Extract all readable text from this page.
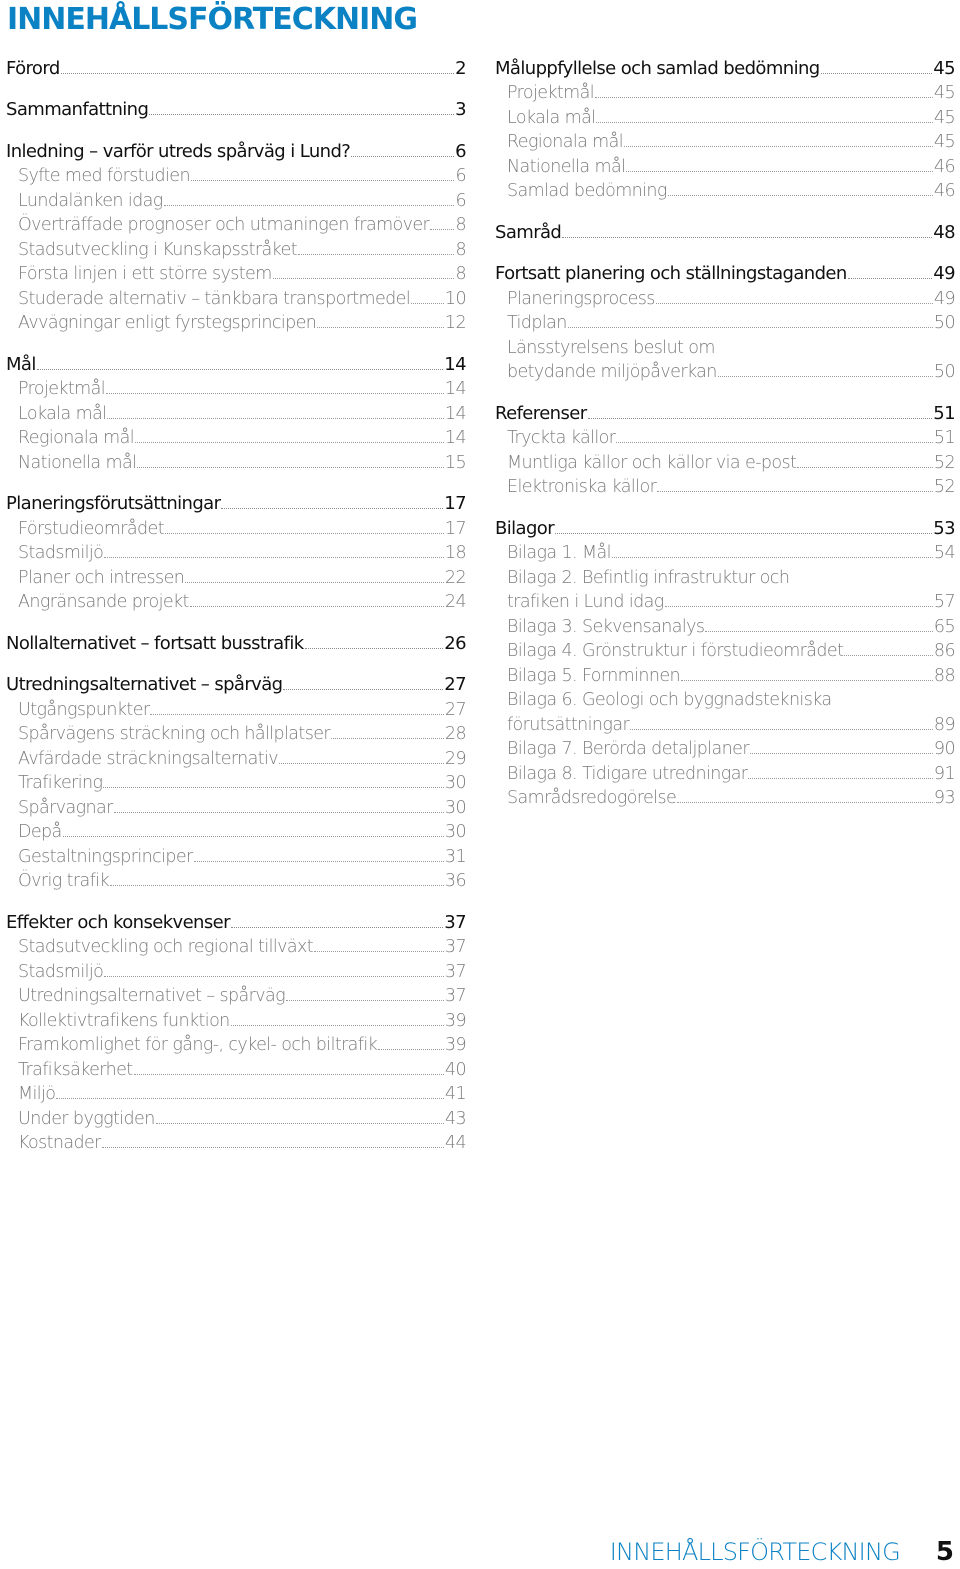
INNEHÅLLSFÖRTECKNING
Förord	2
Sammanfattning	3
Inledning – varför utreds spårväg i Lund?	6
Syfte med förstudien	6
Lundalänken idag	6
Överträffade prognoser och utmaningen framöver 8
Stadsutveckling i Kunskapsstråket	8
Första linjen i ett större system	8
Studerade alternativ – tänkbara transportmedel 10
Avvägningar enligt fyrstegsprincipen	12
Mål	14
Projektmål	14
Lokala mål	14
Regionala mål	14
Nationella mål	15
Planeringsförutsättningar	17
Förstudieområdet	17
Stadsmiljö	18
Planer och intressen	22
Angränsande projekt	24
Nollalternativet – fortsatt busstrafik	26
Utredningsalternativet – spårväg	27
Utgångspunkter	27
Spårvägens sträckning och hållplatser	28
Avfärdade sträckningsalternativ	29
Trafikering	30
Spårvagnar	30
Depå	30
Gestaltningsprinciper	31
Övrig trafik	36
Effekter och konsekvenser	37
Stadsutveckling och regional tillväxt	37
Stadsmiljö	37
Utredningsalternativet – spårväg	37
Kollektivtrafikens funktion	39
Framkomlighet för gång-, cykel- och biltrafik	39
Trafiksäkerhet	40
Miljö	41
Under byggtiden	43
Kostnader	44
Måluppfyllelse och samlad bedömning	45
Projektmål	45
Lokala mål	45
Regionala mål	45
Nationella mål	46
Samlad bedömning	46
Samråd	48
Fortsatt planering och ställningstaganden	49
Planeringsprocess	49
Tidplan	50
Länsstyrelsens beslut om
betydande miljöpåverkan	50
Referenser	51
Tryckta källor	51
Muntliga källor och källor via e-post	52
Elektroniska källor	52
Bilagor	53
Bilaga 1. Mål	54
Bilaga 2. Befintlig infrastruktur och
trafiken i Lund idag	57
Bilaga 3. Sekvensanalys	65
Bilaga 4. Grönstruktur i förstudieområdet	86
Bilaga 5. Fornminnen	88
Bilaga 6. Geologi och byggnadstekniska
förutsättningar	89
Bilaga 7. Berörda detaljplaner	90
Bilaga 8. Tidigare utredningar	91
Samrådsredogörelse	93
INNEHÅLLSFÖRTECKNING 5
